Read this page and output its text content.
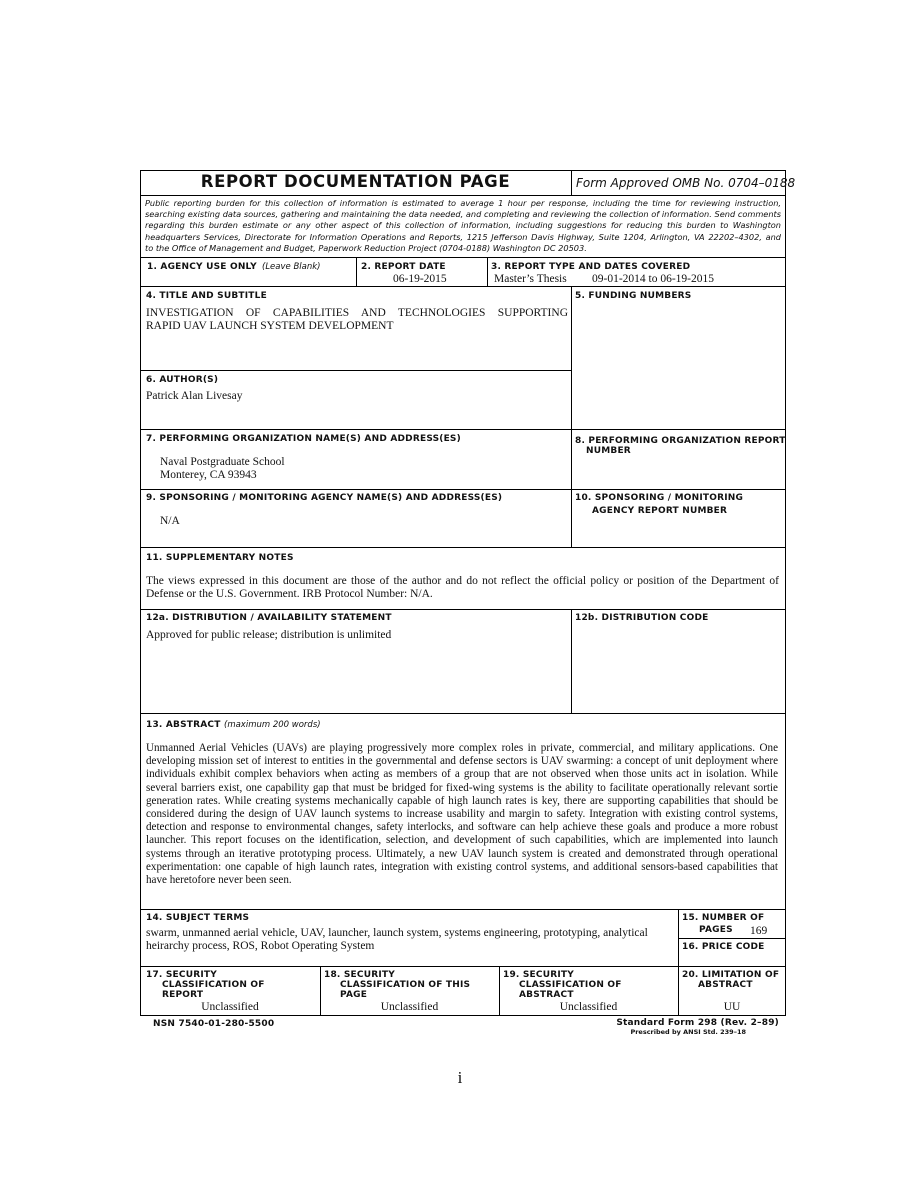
REPORT DOCUMENTATION PAGE	Form Approved OMB No. 0704–0188
Public reporting burden for this collection of information is estimated to average 1 hour per response, including the time for reviewing instruction,
searching existing data sources, gathering and maintaining the data needed, and completing and reviewing the collection of information. Send comments
regarding this burden estimate or any other aspect of this collection of information, including suggestions for reducing this burden to Washington
headquarters Services, Directorate for Information Operations and Reports, 1215 Jefferson Davis Highway, Suite 1204, Arlington, VA 22202–4302, and
to the Office of Management and Budget, Paperwork Reduction Project (0704-0188) Washington DC 20503.
1. AGENCY USE ONLY (Leave Blank)	2. REPORT DATE
06-19-2015
3. REPORT TYPE AND DATES COVERED
Master’s Thesis 09-01-2014 to 06-19-2015
4. TITLE AND SUBTITLE
INVESTIGATION OF CAPABILITIES AND TECHNOLOGIES SUPPORTING
RAPID UAV LAUNCH SYSTEM DEVELOPMENT
5. FUNDING NUMBERS
6. AUTHOR(S)
Patrick Alan Livesay
7. PERFORMING ORGANIZATION NAME(S) AND ADDRESS(ES)
Naval Postgraduate School
Monterey, CA 93943
8. PERFORMING ORGANIZATION REPORT
NUMBER
9. SPONSORING / MONITORING AGENCY NAME(S) AND ADDRESS(ES)
N/A
10. SPONSORING / MONITORING
AGENCY REPORT NUMBER
11. SUPPLEMENTARY NOTES
The views expressed in this document are those of the author and do not reflect the official policy or position of the Department of
Defense or the U.S. Government. IRB Protocol Number: N/A.
12a. DISTRIBUTION / AVAILABILITY STATEMENT
Approved for public release; distribution is unlimited
12b. DISTRIBUTION CODE
13. ABSTRACT (maximum 200 words)
Unmanned Aerial Vehicles (UAVs) are playing progressively more complex roles in private, commercial, and military applications. One developing mission set of interest to entities in the governmental and defense sectors is UAV swarming: a concept of unit deployment where individuals exhibit complex behaviors when acting as members of a group that are not observed when those units act in isolation. While several barriers exist, one capability gap that must be bridged for fixed-wing systems is the ability to facilitate operationally relevant sortie generation rates. While creating systems mechanically capable of high launch rates is key, there are supporting capabilities that should be considered during the design of UAV launch systems to increase usability and margin to safety. Integration with existing control systems, detection and response to environmental changes, safety interlocks, and software can help achieve these goals and produce a more robust launcher. This report focuses on the identification, selection, and development of such capabilities, which are implemented into launch systems through an iterative prototyping process. Ultimately, a new UAV launch system is created and demonstrated through operational experimentation: one capable of high launch rates, integration with existing control systems, and additional sensors-based capabilities that have heretofore never been seen.
14. SUBJECT TERMS
swarm, unmanned aerial vehicle, UAV, launcher, launch system, systems engineering, prototyping, analytical
heirarchy process, ROS, Robot Operating System
15. NUMBER OF
PAGES 169
16. PRICE CODE
17. SECURITY
CLASSIFICATION OF
REPORT
Unclassified
18. SECURITY
CLASSIFICATION OF THIS
PAGE
Unclassified
19. SECURITY
CLASSIFICATION OF
ABSTRACT
Unclassified
20. LIMITATION OF
ABSTRACT
UU
NSN 7540-01-280-5500	Standard Form 298 (Rev. 2–89)
Prescribed by ANSI Std. 239–18
i
